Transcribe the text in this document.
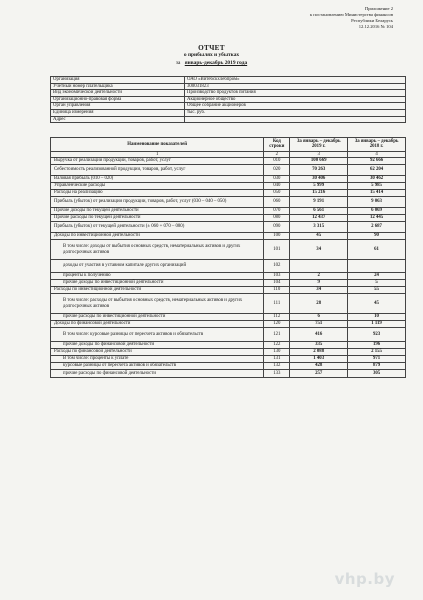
Приложение 2
к постановлению Министерства финансов
Республики Беларусь
12.12.2016 № 104
ОТЧЕТ
о прибылях и убытках
за январь-декабрь 2019 года
Организация	ОАО «Витебскхлебпром»
Учетный номер плательщика	300031823
Вид экономической деятельности	Производство продуктов питания
Организационно-правовая форма	Акционерное общество
Орган управления	Общее собрание акционеров
Единица измерения	тыс. руб.
Адрес	
Наименование показателей	Код строки	За январь – декабрь 2019 г.	За январь – декабрь 2018 г.
1	2	3	4
Выручка от реализации продукции, товаров, работ, услуг	010	100 669	92 666
Себестоимость реализованной продукции, товаров, работ, услуг	020	70 263	62 204
Валовая прибыль (010 – 020)	030	30 406	30 462
Управленческие расходы	040	5 999	5 985
Расходы на реализацию	050	15 216	15 414
Прибыль (убыток) от реализации продукции, товаров, работ, услуг (030 – 040 – 050)	060	9 191	9 063
Прочие доходы по текущей деятельности	070	6 561	6 069
Прочие расходы по текущей деятельности	080	12 437	12 445
Прибыль (убыток) от текущей деятельности (± 060 + 070 – 080)	090	3 315	2 687
Доходы по инвестиционной деятельности	100	45	90
В том числе: доходы от выбытия основных средств, нематериальных активов и других долгосрочных активов	101	34	61
доходы от участия в уставном капитале других организаций	102		
проценты к получению	103	2	24
прочие доходы по инвестиционной деятельности	104	9	5
Расходы по инвестиционной деятельности	110	34	55
В том числе: расходы от выбытия основных средств, нематериальных активов и других долгосрочных активов	111	28	45
прочие расходы по инвестиционной деятельности	112	6	10
Доходы по финансовой деятельности	120	751	1 119
В том числе: курсовые разницы от пересчета активов и обязательств	121	416	923
прочие доходы по финансовой деятельности	122	335	196
Расходы по финансовой деятельности	130	2 088	2 155
В том числе: проценты к уплате	131	1 403	971
курсовые разницы от пересчета активов и обязательств	132	428	879
прочие расходы по финансовой деятельности	133	257	305
vhp.by
